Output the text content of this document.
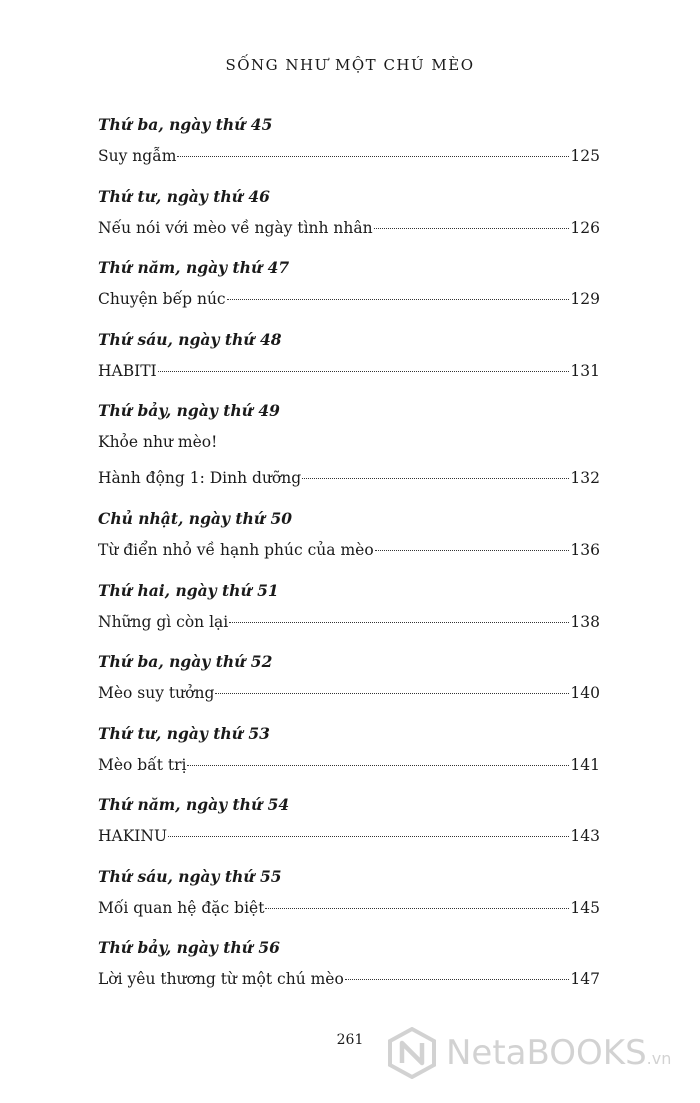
SỐNG NHƯ MỘT CHÚ MÈO
Thứ ba, ngày thứ 45
Suy ngẫm	125
Thứ tư, ngày thứ 46
Nếu nói với mèo về ngày tình nhân	126
Thứ năm, ngày thứ 47
Chuyện bếp núc	129
Thứ sáu, ngày thứ 48
HABITI	131
Thứ bảy, ngày thứ 49
Khỏe như mèo!
Hành động 1: Dinh dưỡng	132
Chủ nhật, ngày thứ 50
Từ điển nhỏ về hạnh phúc của mèo	136
Thứ hai, ngày thứ 51
Những gì còn lại	138
Thứ ba, ngày thứ 52
Mèo suy tưởng	140
Thứ tư, ngày thứ 53
Mèo bất trị	141
Thứ năm, ngày thứ 54
HAKINU	143
Thứ sáu, ngày thứ 55
Mối quan hệ đặc biệt	145
Thứ bảy, ngày thứ 56
Lời yêu thương từ một chú mèo	147
261	NetaBOOKS.vn
